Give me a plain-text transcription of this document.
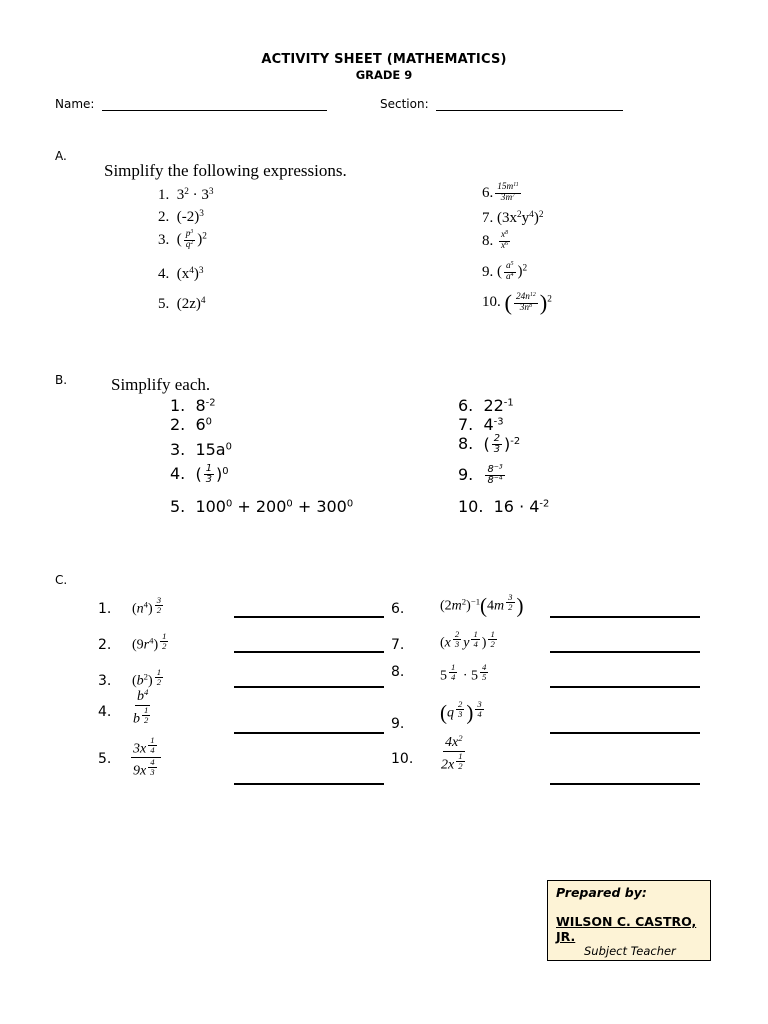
ACTIVITY SHEET (MATHEMATICS)
GRADE 9
Name:	Section:
A.
Simplify the following expressions.
1.  $3^2 \cdot 3^3$
2.  $(-2)^3$
3.  ( $\frac{p^3}{q^2} )^2$
4.  $(x^4)^3$
5.  $(2z)^4$
6. $\frac{15m^{11}}{3m^7}$
7. $(3x^2y^4)^2$
8. $\frac{x^8}{x^6}$
9. ( $\frac{a^5}{a^4} )^2$
10. ( $\frac{24n^{12}}{3n^8} )^2$
B.	Simplify each.
1.  $8^{-2}$
2.  $6^0$
3.  $15a^0$
4.  ( $\frac{1}{3} )^0$
5.  $100^0 + 200^0 + 300^0$
6.  $22^{-1}$
7.  $4^{-3}$
8.  ( $\frac{2}{3} )^{-2}$
9. $\frac{8^{-3}}{8^{-4}}$
10.  $16 \cdot 4^{-2}$
C.
1. $(n^4)$ $^{\frac{3}{2}}$
2. $(9r^4)$ $^{\frac{1}{2}}$
3. $(b^2)$ $^{\frac{1}{2}}$
4. $b^4$
b $^{\frac{1}{2}}$
5. 3x $^{\frac{1}{4}}$
9x $^{\frac{4}{3}}$
6.	$(2m^2)^{-1}(4m$ $^{\frac{3}{2}}$ )
7.	(x $^{\frac{2}{3}}$ y $^{\frac{1}{4}}$ ) $^{\frac{1}{2}}$
8.	5 $^{\frac{1}{4}}$ · 5 $^{\frac{4}{5}}$
9. (q $^{\frac{2}{3}}$ ) $^{\frac{3}{4}}$
10. $4x^2$
2x $^{\frac{1}{2}}$
Prepared by:
WILSON C. CASTRO, JR.
Subject Teacher
